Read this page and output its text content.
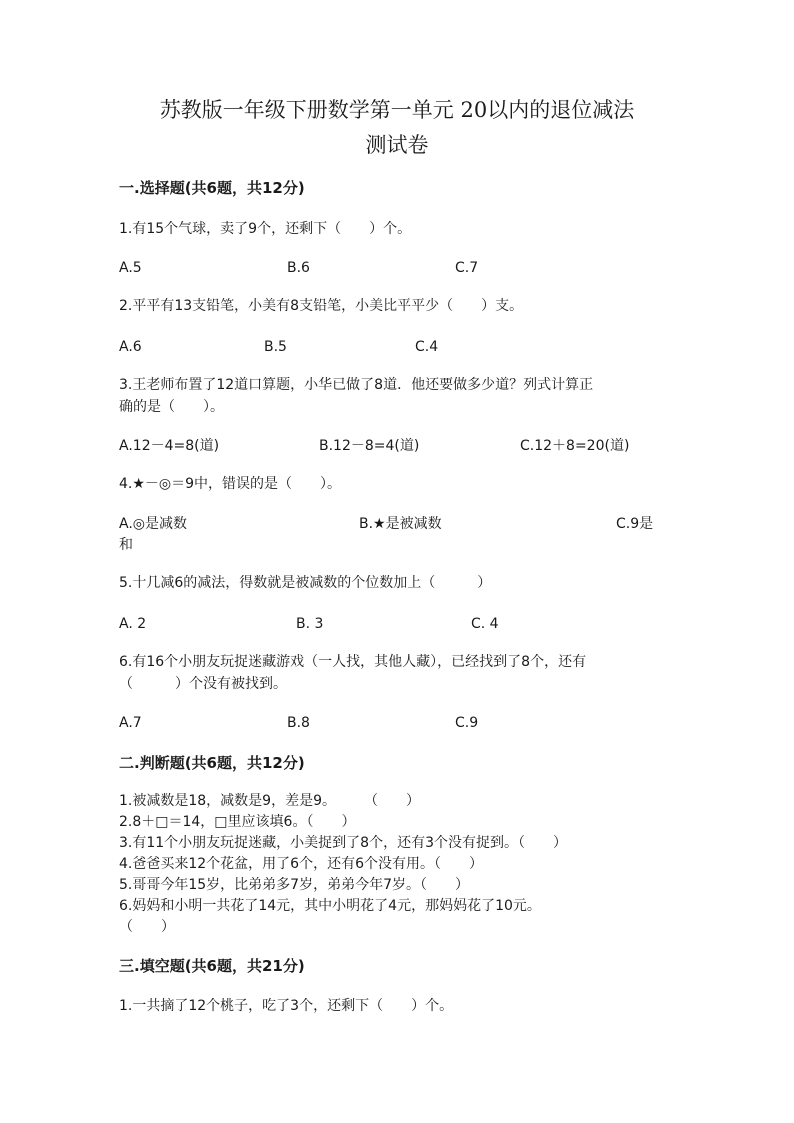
苏教版一年级下册数学第一单元 20以内的退位减法
测试卷
一.选择题(共6题，共12分)
1.有15个气球，卖了9个，还剩下（　　）个。
A.5	B.6	C.7
2.平平有13支铅笔，小美有8支铅笔，小美比平平少（　　）支。
A.6	B.5	C.4
3.王老师布置了12道口算题，小华已做了8道．他还要做多少道？列式计算正
确的是（　　）。
A.12－4=8(道)	B.12－8=4(道)	C.12＋8=20(道)
4.★－◎＝9中，错误的是（　　）。
A.◎是减数	B.★是被减数	C.9是
和
5.十几减6的减法，得数就是被减数的个位数加上（　　　）
A. 2	B. 3	C. 4
6.有16个小朋友玩捉迷藏游戏（一人找，其他人藏），已经找到了8个，还有
（　　　）个没有被找到。
A.7	B.8	C.9
二.判断题(共6题，共12分)
1.被减数是18，减数是9，差是9。　　　（　　）
2.8＋□＝14，□里应该填6。（　　）
3.有11个小朋友玩捉迷藏，小美捉到了8个，还有3个没有捉到。（　　）
4.爸爸买来12个花盆，用了6个，还有6个没有用。（　　）
5.哥哥今年15岁，比弟弟多7岁，弟弟今年7岁。（　　）
6.妈妈和小明一共花了14元，其中小明花了4元，那妈妈花了10元。
（　　）
三.填空题(共6题，共21分)
1.一共摘了12个桃子，吃了3个，还剩下（　　）个。
